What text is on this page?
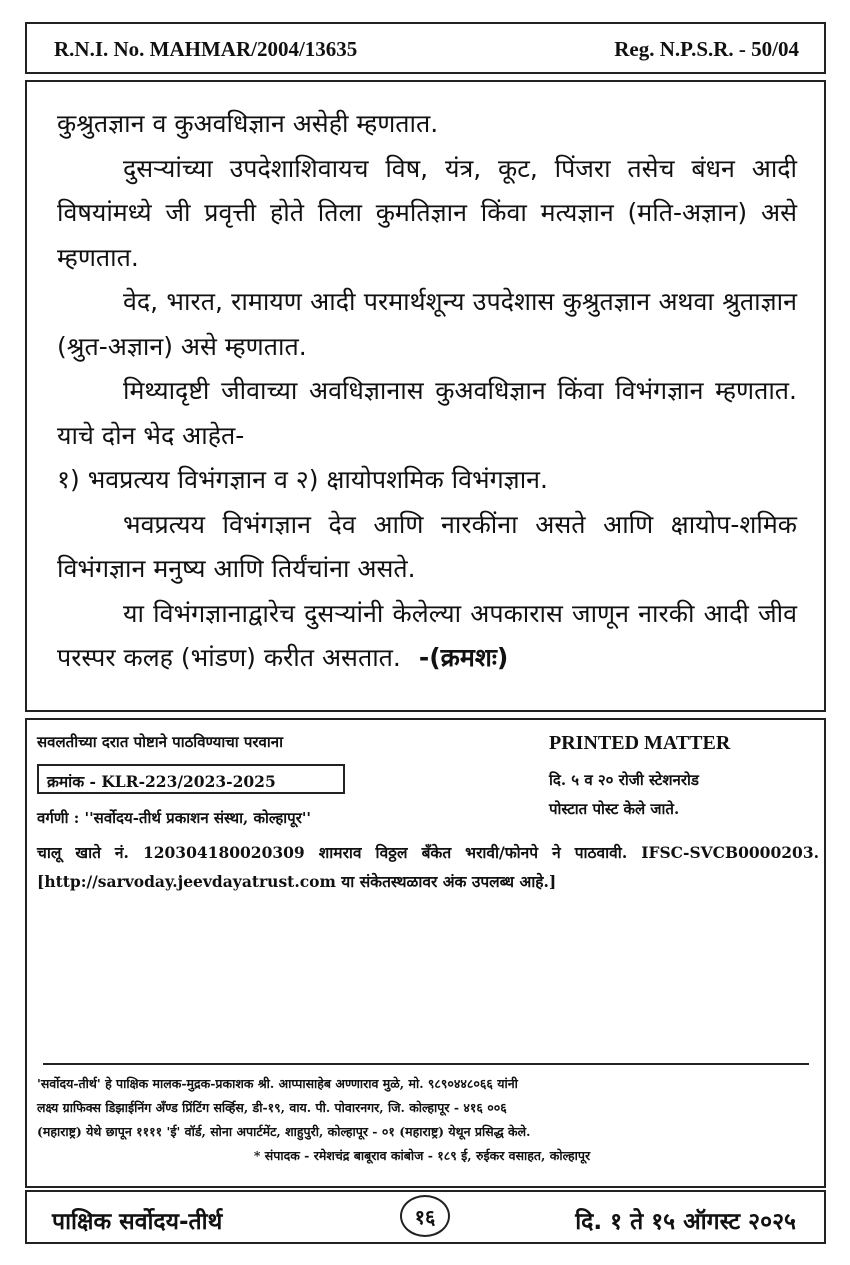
R.N.I. No. MAHMAR/2004/13635	Reg. N.P.S.R. - 50/04

कुश्रुतज्ञान व कुअवधिज्ञान असेही म्हणतात.

दुसऱ्यांच्या उपदेशाशिवायच विष, यंत्र, कूट, पिंजरा तसेच बंधन आदी विषयांमध्ये जी प्रवृत्ती होते तिला कुमतिज्ञान किंवा मत्यज्ञान (मति-अज्ञान) असे म्हणतात.

वेद, भारत, रामायण आदी परमार्थशून्य उपदेशास कुश्रुतज्ञान अथवा श्रुताज्ञान (श्रुत-अज्ञान) असे म्हणतात.

मिथ्यादृष्टी जीवाच्या अवधिज्ञानास कुअवधिज्ञान किंवा विभंगज्ञान म्हणतात. याचे दोन भेद आहेत-

१) भवप्रत्यय विभंगज्ञान व २) क्षायोपशमिक विभंगज्ञान.

भवप्रत्यय विभंगज्ञान देव आणि नारकींना असते आणि क्षायोप-शमिक विभंगज्ञान मनुष्य आणि तिर्यंचांना असते.

या विभंगज्ञानाद्वारेच दुसऱ्यांनी केलेल्या अपकारास जाणून नारकी आदी जीव परस्पर कलह (भांडण) करीत असतात. -(क्रमशः)

सवलतीच्या दरात पोष्टाने पाठविण्याचा परवाना
क्रमांक - KLR-223/2023-2025
वर्गणी : ''सर्वोदय-तीर्थ प्रकाशन संस्था, कोल्हापूर''
PRINTED MATTER
दि. ५ व २० रोजी स्टेशनरोड
पोस्टात पोस्ट केले जाते.
चालू खाते नं. 120304180020309 शामराव विठ्ठल बँकेत भरावी/फोनपे ने पाठवावी. IFSC-SVCB0000203. [http://sarvoday.jeevdayatrust.com या संकेतस्थळावर अंक उपलब्ध आहे.]
'सर्वोदय-तीर्थ' हे पाक्षिक मालक-मुद्रक-प्रकाशक श्री. आप्पासाहेब अण्णाराव मुळे, मो. ९८९०४४८०६६ यांनी
लक्ष्य ग्राफिक्स डिझाईनिंग अँण्ड प्रिंटिंग सर्व्हिस, डी-१९, वाय. पी. पोवारनगर, जि. कोल्हापूर - ४१६ ००६
(महाराष्ट्र) येथे छापून ११११ 'ई' वॉर्ड, सोना अपार्टमेंट, शाहुपुरी, कोल्हापूर - ०१ (महाराष्ट्र) येथून प्रसिद्ध केले.
* संपादक - रमेशचंद्र बाबूराव कांबोज - १८९ ई, रुईकर वसाहत, कोल्हापूर
पाक्षिक सर्वोदय-तीर्थ	१६	दि. १ ते १५ ऑगस्ट २०२५
